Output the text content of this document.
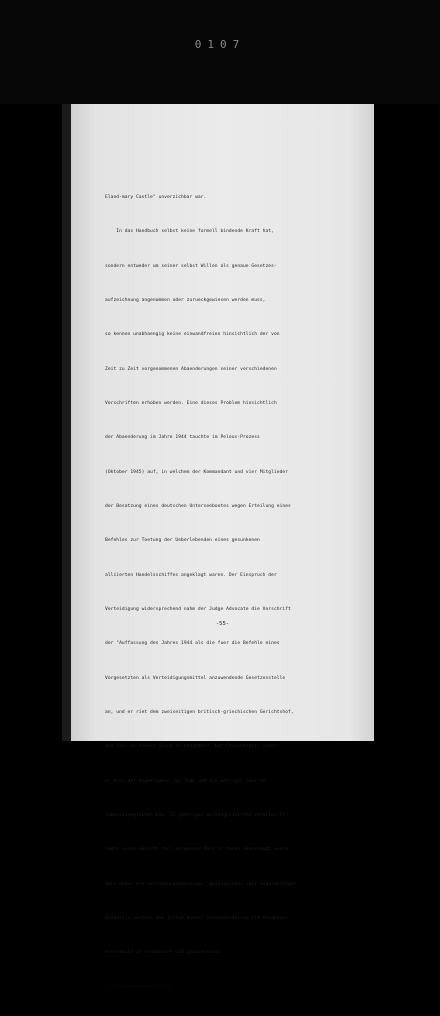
0107

Eland-mary Castle" unverzichbar war.

In das Handbuch selbst keine formell bindende Kraft hat,

sondern entweder um seiner selbst Willen als genaue Gesetzes-

aufzeichnung angenommen oder zurueckgewiesen werden muss,

so kennen unabhaengig keine einwandfreien hinsichtlich der von

Zeit zu Zeit vorgenommenen Abaenderungen seiner verschiedenen

Vorschriften erhoben werden. Eine dieses Problem hinsichtlich

der Abaenderung im Jahre 1944 tauchte im Peleus-Prozess

(Oktober 1945) auf, in welchem der Kommandant und vier Mitglieder

der Besatzung eines deutschen Unterseebootes wegen Erteilung eines

Befehles zur Toetung der Ueberlebenden eines gesunkenen

alliierten Handelsschiffes angeklagt waren. Der Einspruch der

Verteidigung widersprechend nahm der Judge Advocate die Vorschrift

der "Auffassung des Jahres 1944 als die fuer die Befehle eines

Vorgesetzten als Verteidigungsmittel anzuwendende Gesetzesstelle

an, und er riet dem zweiseitigen britisch-griechischen Gerichtshof,

den Fall in diesem Sinne zu behandeln. Der Gerichtshof, indem

er drei der Angeklagten zum Tode und die uebrigen zwei zu

lebenslaenglicher bzw. 15 jaehriger Gefaengnisstrafe verurteilte,

legte seine Ansicht dar, ausgehend dass er davon ueberzeugt waere

dass weder ein verfassungsmaessiges, gesetzliches oder anderweitiges

Hindernis bestehe den Irrtum dieser Gesetzesstellen (im Handbuch)

einerseits zu verbessern und andererseits

------------------------

-55-
